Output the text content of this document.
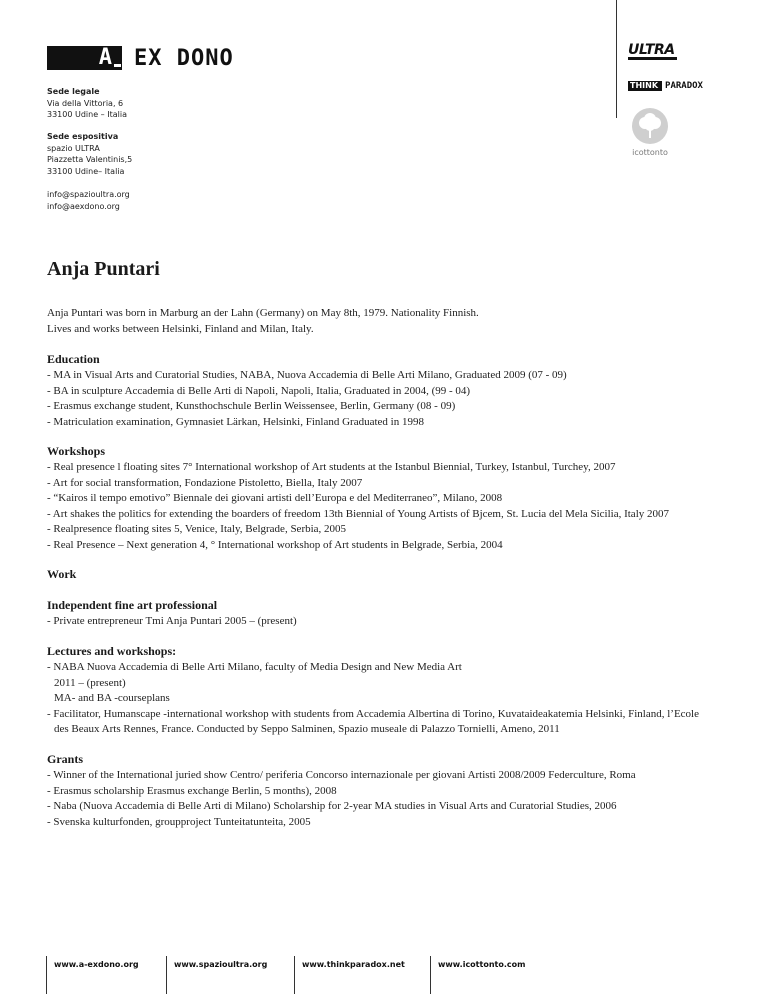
A EX DONO
Sede legale
Via della Vittoria, 6
33100 Udine – Italia
Sede espositiva
spazio ULTRA
Piazzetta Valentinis,5
33100 Udine– Italia
info@spazioultra.org
info@aexdono.org
ULTRA
THINK PARADOX
icottonto
Anja Puntari
Anja Puntari was born in Marburg an der Lahn (Germany) on May 8th, 1979. Nationality Finnish.
Lives and works between Helsinki, Finland and Milan, Italy.
Education
- MA in Visual Arts and Curatorial Studies, NABA, Nuova Accademia di Belle Arti Milano, Graduated 2009 (07 - 09)
- BA in sculpture Accademia di Belle Arti di Napoli, Napoli, Italia, Graduated in 2004, (99 - 04)
- Erasmus exchange student, Kunsthochschule Berlin Weissensee, Berlin, Germany (08 - 09)
- Matriculation examination, Gymnasiet Lärkan, Helsinki, Finland Graduated in 1998
Workshops
- Real presence l floating sites 7° International workshop of Art students at the Istanbul Biennial, Turkey, Istanbul, Turchey, 2007
- Art for social transformation, Fondazione Pistoletto, Biella, Italy 2007
- “Kairos il tempo emotivo” Biennale dei giovani artisti dell’Europa e del Mediterraneo”, Milano, 2008
- Art shakes the politics for extending the boarders of freedom 13th Biennial of Young Artists of Bjcem, St. Lucia del Mela Sicilia, Italy 2007
- Realpresence floating sites 5, Venice, Italy, Belgrade, Serbia, 2005
- Real Presence – Next generation 4, ° International workshop of Art students in Belgrade, Serbia, 2004
Work
Independent fine art professional
- Private entrepreneur Tmi Anja Puntari 2005 – (present)
Lectures and workshops:
- NABA Nuova Accademia di Belle Arti Milano, faculty of Media Design and New Media Art
2011 – (present)
MA- and BA -courseplans
- Facilitator, Humanscape -international workshop with students from Accademia Albertina di Torino, Kuvataideakatemia Helsinki, Finland, l’Ecole
des Beaux Arts Rennes, France. Conducted by Seppo Salminen, Spazio museale di Palazzo Tornielli, Ameno, 2011
Grants
- Winner of the International juried show Centro/ periferia Concorso internazionale per giovani Artisti 2008/2009 Federculture, Roma
- Erasmus scholarship Erasmus exchange Berlin, 5 months), 2008
- Naba (Nuova Accademia di Belle Arti di Milano) Scholarship for 2-year MA studies in Visual Arts and Curatorial Studies, 2006
- Svenska kulturfonden, groupproject Tunteitatunteita, 2005
www.a-exdono.org	www.spazioultra.org	www.thinkparadox.net	www.icottonto.com
